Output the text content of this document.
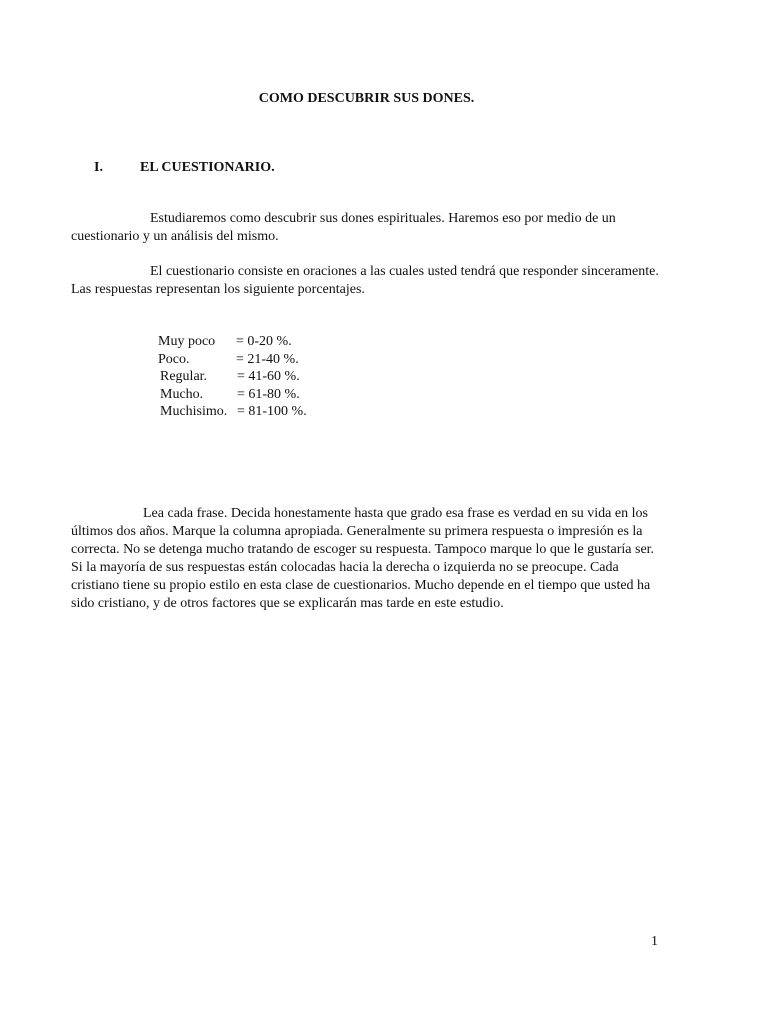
COMO DESCUBRIR SUS DONES.
I.	EL CUESTIONARIO.
Estudiaremos como descubrir sus dones espirituales. Haremos eso por medio de un cuestionario y un análisis del mismo.
El cuestionario consiste en oraciones a las cuales usted tendrá que responder sinceramente. Las respuestas representan los siguiente porcentajes.
Muy poco = 0-20 %.
Poco.	= 21-40 %.
Regular. = 41-60 %.
Mucho. = 61-80 %.
Muchisimo. = 81-100 %.
Lea cada frase. Decida honestamente hasta que grado esa frase es verdad en su vida en los últimos dos años. Marque la columna apropiada. Generalmente su primera respuesta o impresión es la correcta. No se detenga mucho tratando de escoger su respuesta. Tampoco marque lo que le gustaría ser. Si la mayoría de sus respuestas están colocadas hacia la derecha o izquierda no se preocupe. Cada cristiano tiene su propio estilo en esta clase de cuestionarios. Mucho depende en el tiempo que usted ha sido cristiano, y de otros factores que se explicarán mas tarde en este estudio.
1
